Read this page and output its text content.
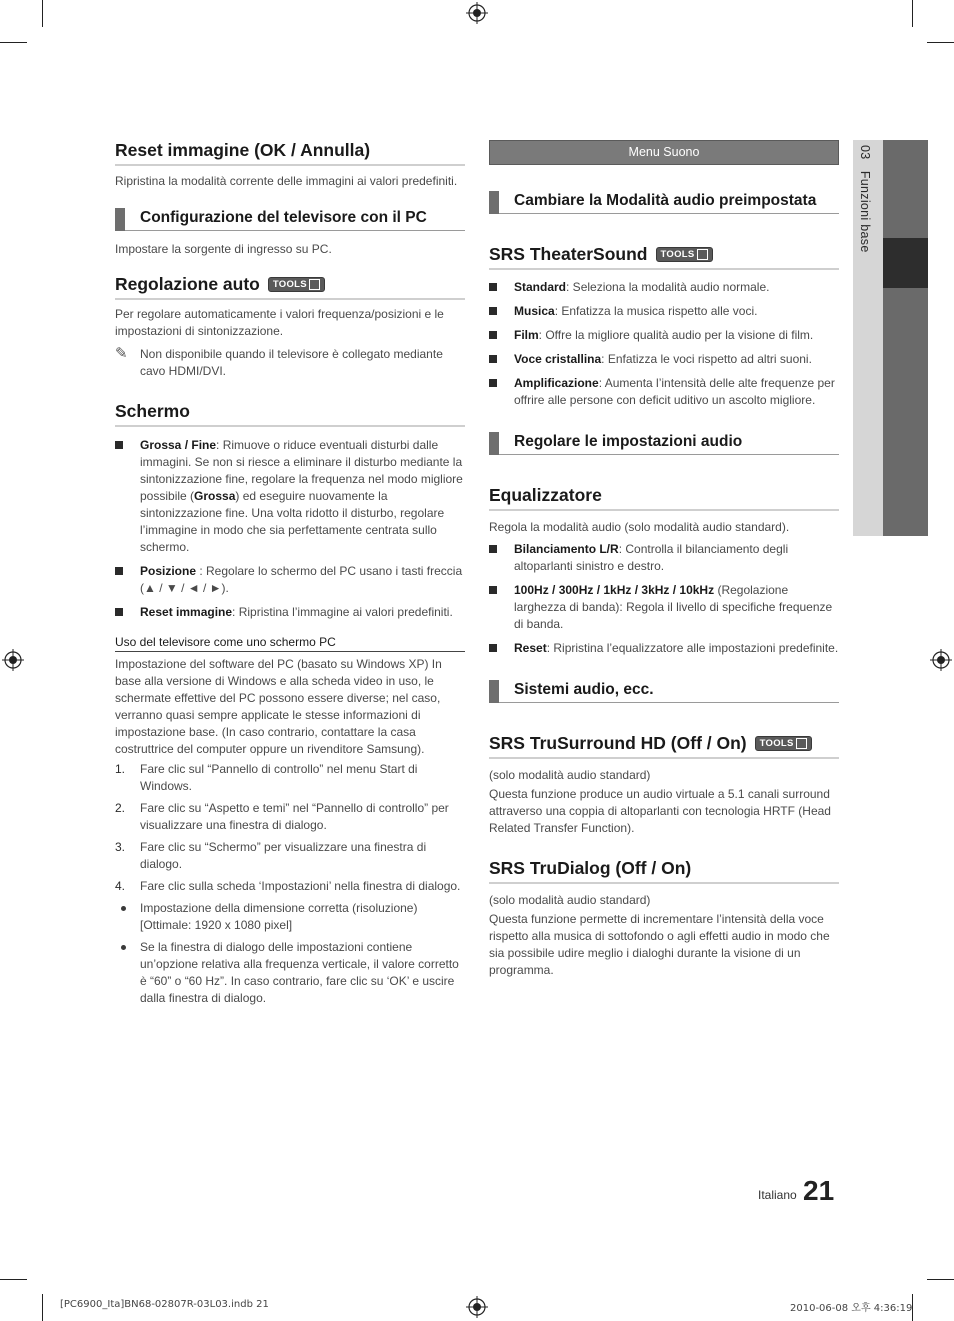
Reset immagine (OK / Annulla)

Ripristina la modalità corrente delle immagini ai valori predefiniti.

Configurazione del televisore con il PC

Impostare la sorgente di ingresso su PC.

Regolazione auto TOOLS

Per regolare automaticamente i valori frequenza/posizioni e le impostazioni di sintonizzazione.

✎	Non disponibile quando il televisore è collegato mediante cavo HDMI/DVI.
Schermo
Grossa / Fine: Rimuove o riduce eventuali disturbi dalle immagini. Se non si riesce a eliminare il disturbo mediante la sintonizzazione fine, regolare la frequenza nel modo migliore possibile (Grossa) ed eseguire nuovamente la sintonizzazione fine. Una volta ridotto il disturbo, regolare l’immagine in modo che sia perfettamente centrata sullo schermo.
Posizione : Regolare lo schermo del PC usano i tasti freccia (▲ / ▼ / ◄ / ►).
Reset immagine: Ripristina l’immagine ai valori predefiniti.
Uso del televisore come uno schermo PC

Impostazione del software del PC (basato su Windows XP) In base alla versione di Windows e alla scheda video in uso, le schermate effettive del PC possono essere diverse; nel caso, verranno quasi sempre applicate le stesse informazioni di impostazione base. (In caso contrario, contattare la casa costruttrice del computer oppure un rivenditore Samsung).

1.	Fare clic sul “Pannello di controllo” nel menu Start di Windows.
2.	Fare clic su “Aspetto e temi” nel “Pannello di controllo” per visualizzare una finestra di dialogo.
3.	Fare clic su “Schermo” per visualizzare una finestra di dialogo.
4.	Fare clic sulla scheda ‘Impostazioni’ nella finestra di dialogo.
Impostazione della dimensione corretta (risoluzione) [Ottimale: 1920 x 1080 pixel]
Se la finestra di dialogo delle impostazioni contiene un’opzione relativa alla frequenza verticale, il valore corretto è “60” o “60 Hz”. In caso contrario, fare clic su ‘OK’ e uscire dalla finestra di dialogo.
Menu Suono
Cambiare la Modalità audio preimpostata
SRS TheaterSound TOOLS
Standard: Seleziona la modalità audio normale.
Musica: Enfatizza la musica rispetto alle voci.
Film: Offre la migliore qualità audio per la visione di film.
Voce cristallina: Enfatizza le voci rispetto ad altri suoni.
Amplificazione: Aumenta l’intensità delle alte frequenze per offrire alle persone con deficit uditivo un ascolto migliore.
Regolare le impostazioni audio
Equalizzatore

Regola la modalità audio (solo modalità audio standard).

Bilanciamento L/R: Controlla il bilanciamento degli altoparlanti sinistro e destro.
100Hz / 300Hz / 1kHz / 3kHz / 10kHz (Regolazione larghezza di banda): Regola il livello di specifiche frequenze di banda.
Reset: Ripristina l’equalizzatore alle impostazioni predefinite.
Sistemi audio, ecc.
SRS TruSurround HD (Off / On) TOOLS

(solo modalità audio standard)

Questa funzione produce un audio virtuale a 5.1 canali surround attraverso una coppia di altoparlanti con tecnologia HRTF (Head Related Transfer Function).

SRS TruDialog (Off / On)

(solo modalità audio standard)

Questa funzione permette di incrementare l’intensità della voce rispetto alla musica di sottofondo o agli effetti audio in modo che sia possibile udire meglio i dialoghi durante la visione di un programma.

03   Funzioni base
Italiano 21
[PC6900_Ita]BN68-02807R-03L03.indb 21	2010-06-08 오후 4:36:19
